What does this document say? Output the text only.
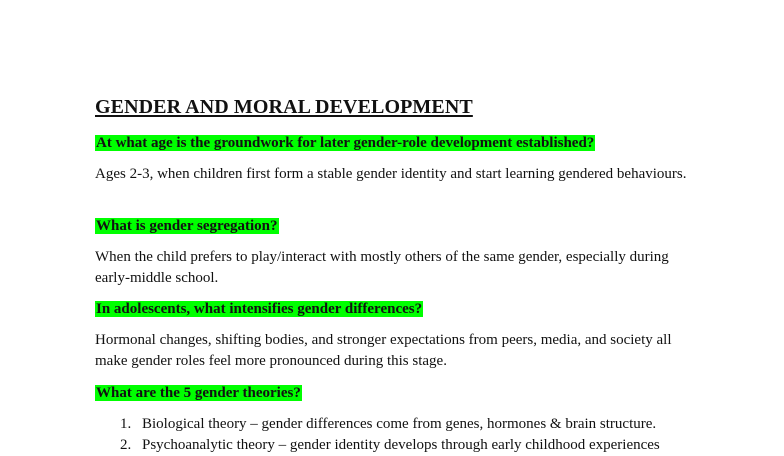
GENDER AND MORAL DEVELOPMENT
At what age is the groundwork for later gender-role development established?
Ages 2-3, when children first form a stable gender identity and start learning gendered behaviours.
What is gender segregation?
When the child prefers to play/interact with mostly others of the same gender, especially during early-middle school.
In adolescents, what intensifies gender differences?
Hormonal changes, shifting bodies, and stronger expectations from peers, media, and society all make gender roles feel more pronounced during this stage.
What are the 5 gender theories?
1. Biological theory – gender differences come from genes, hormones & brain structure.
2. Psychoanalytic theory – gender identity develops through early childhood experiences
